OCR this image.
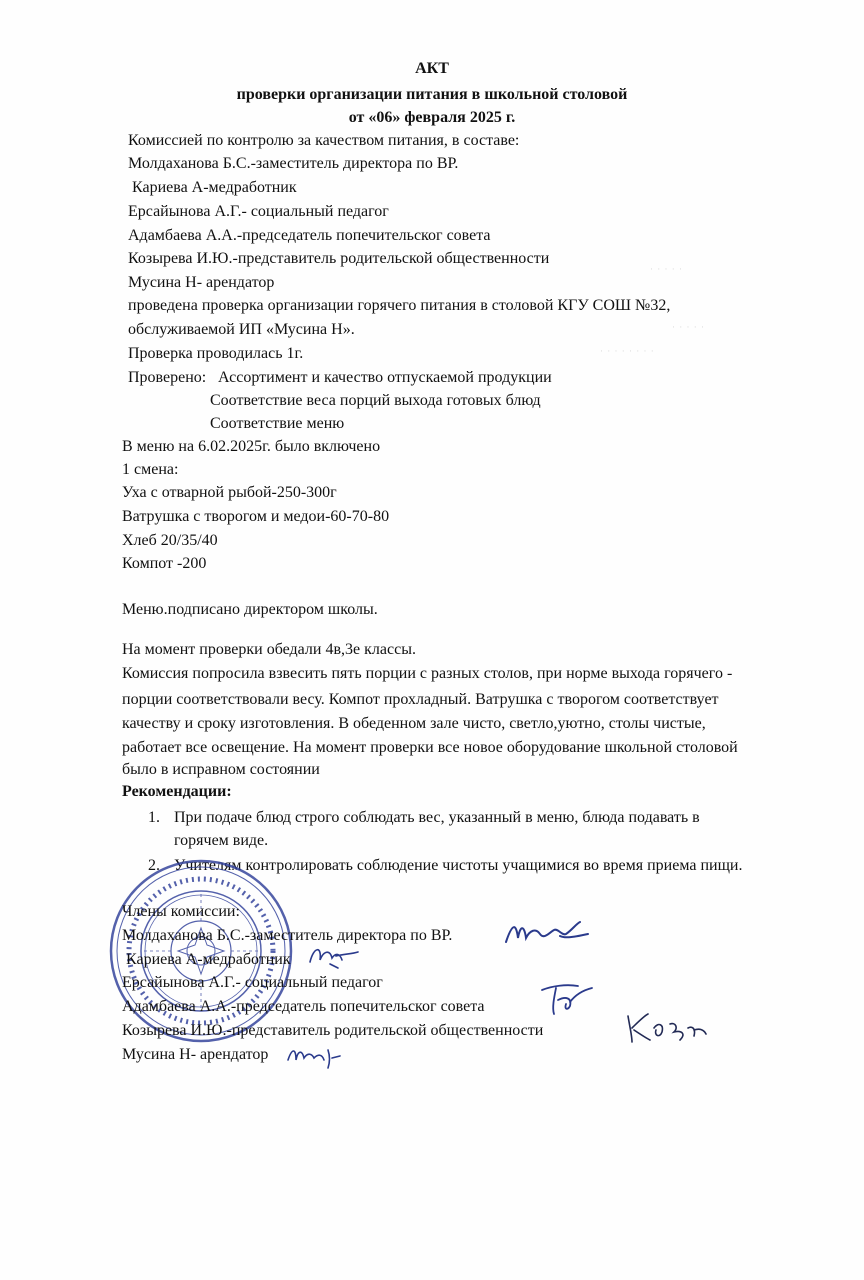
АКТ
проверки организации питания в школьной столовой
от «06» февраля 2025 г.
Комиссией по контролю за качеством питания, в составе:
Молдаханова Б.С.-заместитель директора по ВР.
Кариева А-медработник
Ерсайынова А.Г.- социальный педагог
Адамбаева А.А.-председатель попечительског совета
Козырева И.Ю.-представитель родительской общественности
Мусина Н- арендатор
проведена проверка организации горячего питания в столовой КГУ СОШ №32,
обслуживаемой ИП «Мусина Н».
Проверка проводилась 1г.
Проверено: Ассортимент и качество отпускаемой продукции
Соответствие веса порций выхода готовых блюд
Соответствие меню
В меню на 6.02.2025г. было включено
1 смена:
Уха с отварной рыбой-250-300г
Ватрушка с творогом и медои-60-70-80
Хлеб 20/35/40
Компот -200
Меню.подписано директором школы.
На момент проверки обедали 4в,3е классы.
Комиссия попросила взвесить пять порции с разных столов, при норме выхода горячего -
порции соответствовали весу. Компот прохладный. Ватрушка с творогом соответствует
качеству и сроку изготовления. В обеденном зале чисто, светло,уютно, столы чистые,
работает все освещение. На момент проверки все новое оборудование школьной столовой
было в исправном состоянии
Рекомендации:
1. При подаче блюд строго соблюдать вес, указанный в меню, блюда подавать в
горячем виде.
2. Учителям контролировать соблюдение чистоты учащимися во время приема пищи.
Члены комиссии:
Молдаханова Б.С.-заместитель директора по ВР.
Кариева А-медработник
Ерсайынова А.Г.- социальный педагог
Адамбаева А.А.-председатель попечительског совета
Козырева И.Ю.-представитель родительской общественности
Мусина Н- арендатор
· · · · ·
· · · · ·
· · · · · · · ·
